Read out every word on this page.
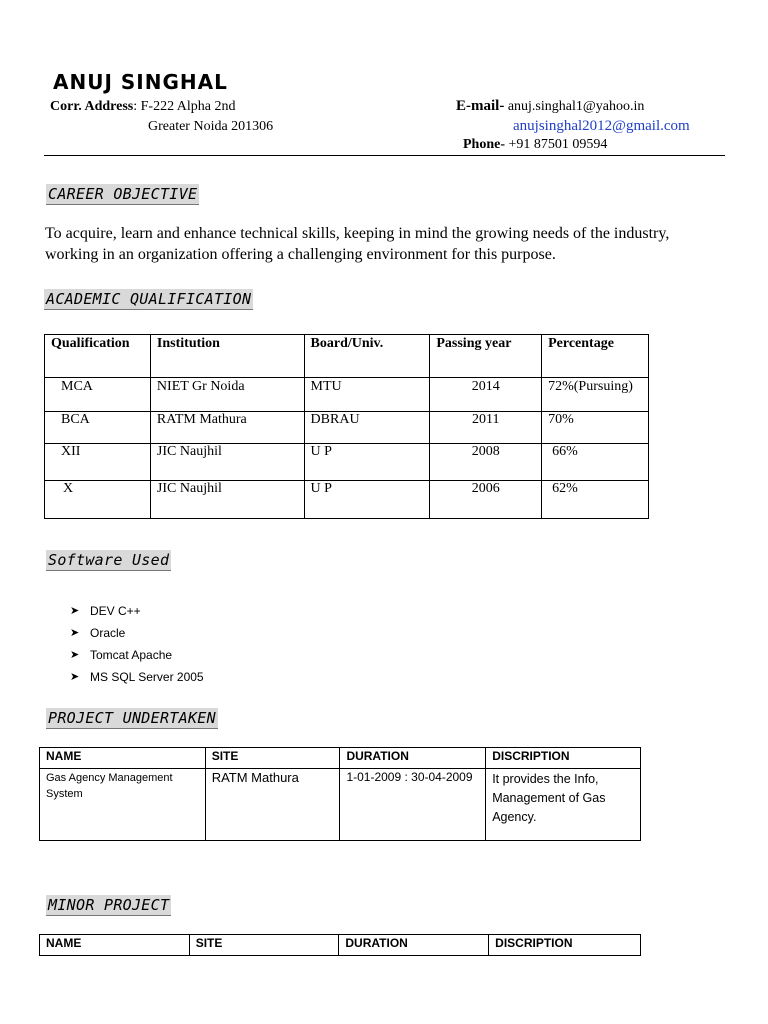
ANUJ SINGHAL
Corr. Address: F-222 Alpha 2nd
Greater Noida 201306
E-mail- anuj.singhal1@yahoo.in
anujsinghal2012@gmail.com
Phone- +91 87501 09594
CAREER OBJECTIVE
To acquire, learn and enhance technical skills, keeping in mind the growing needs of the industry, working in an organization offering a challenging environment for this purpose.
ACADEMIC QUALIFICATION
Qualification	Institution	Board/Univ.	Passing year	Percentage
MCA	NIET Gr Noida	MTU	2014	72%(Pursuing)
BCA	RATM Mathura	DBRAU	2011	70%
XII	JIC Naujhil	U P	2008	66%
X	JIC Naujhil	U P	2006	62%
Software Used
➤ DEV C++
➤ Oracle
➤ Tomcat Apache
➤ MS SQL Server 2005
PROJECT UNDERTAKEN
NAME	SITE	DURATION	DISCRIPTION
Gas Agency Management System	RATM Mathura	1-01-2009 : 30-04-2009	It provides the Info, Management of Gas Agency.
MINOR PROJECT
NAME	SITE	DURATION	DISCRIPTION
